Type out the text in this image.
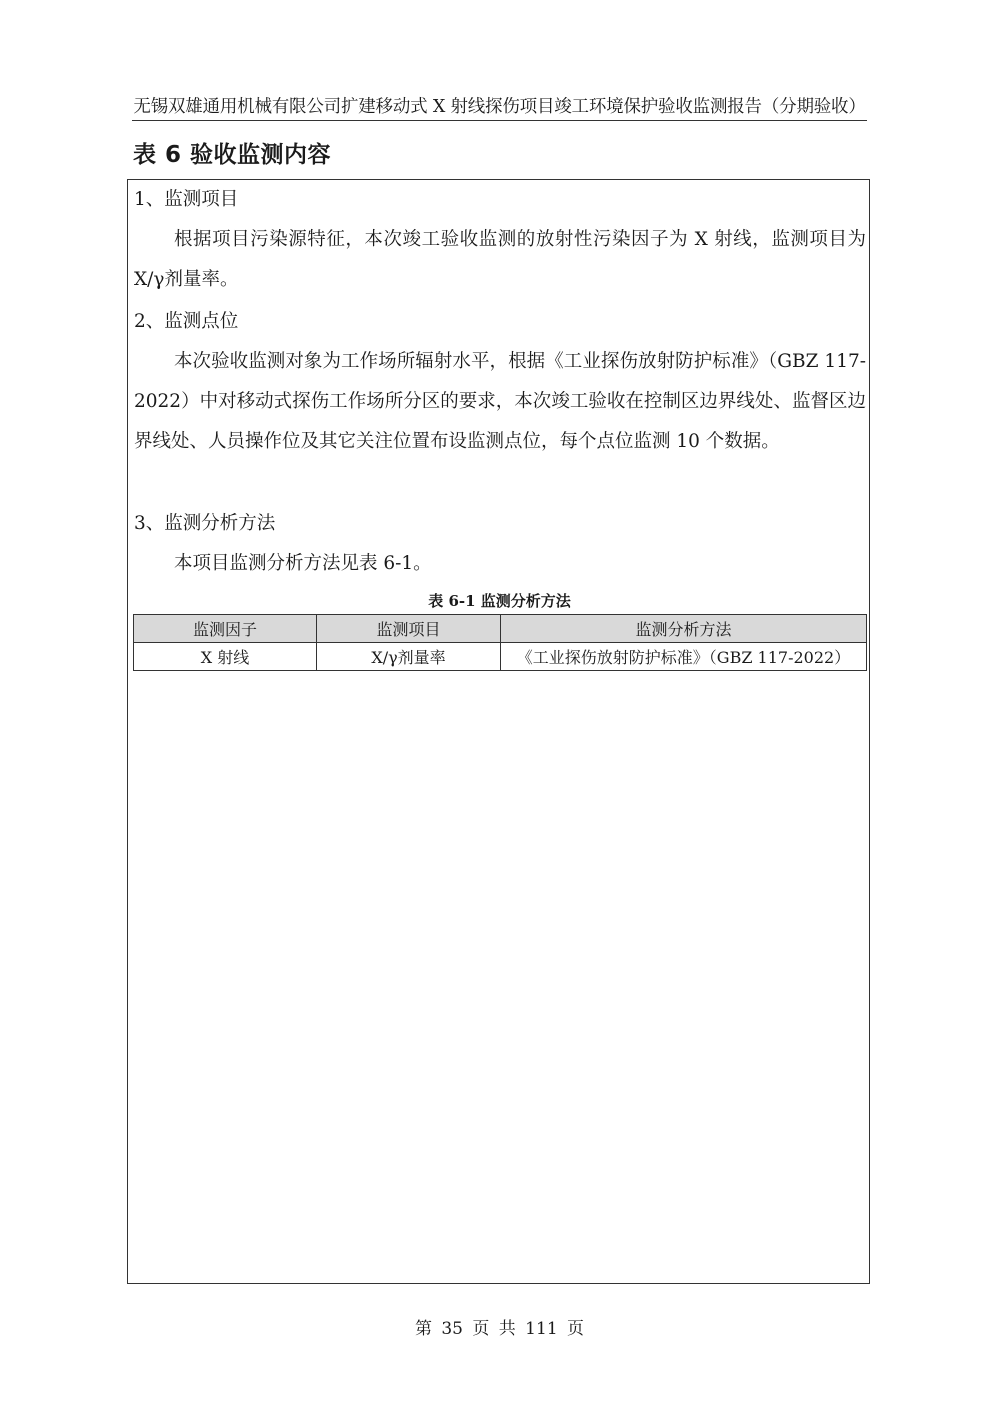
无锡双雄通用机械有限公司扩建移动式 X 射线探伤项目竣工环境保护验收监测报告（分期验收）
表 6 验收监测内容

1、监测项目

根据项目污染源特征，本次竣工验收监测的放射性污染因子为 X 射线，监测项目为 X/γ剂量率。

2、监测点位

本次验收监测对象为工作场所辐射水平，根据《工业探伤放射防护标准》（GBZ 117-2022）中对移动式探伤工作场所分区的要求，本次竣工验收在控制区边界线处、监督区边界线处、人员操作位及其它关注位置布设监测点位，每个点位监测 10 个数据。

3、监测分析方法

本项目监测分析方法见表 6-1。

表 6-1 监测分析方法
监测因子	监测项目	监测分析方法
X 射线	X/γ剂量率	《工业探伤放射防护标准》（GBZ 117-2022）
第 35 页 共 111 页
